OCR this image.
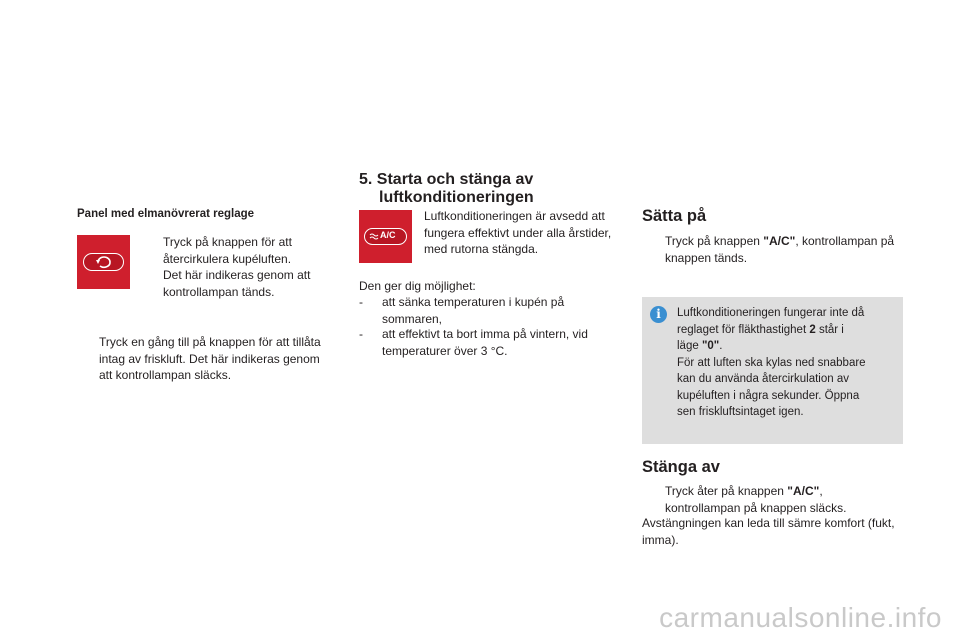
Panel med elmanövrerat reglage
Tryck på knappen för att
återcirkulera kupéluften.
Det här indikeras genom att
kontrollampan tänds.
Tryck en gång till på knappen för att tillåta
intag av friskluft. Det här indikeras genom
att kontrollampan släcks.
5. Starta och stänga av
luftkonditioneringen
A/C
Luftkonditioneringen är avsedd att
fungera effektivt under alla årstider,
med rutorna stängda.
Den ger dig möjlighet:
- att sänka temperaturen i kupén på
sommaren,
- att effektivt ta bort imma på vintern, vid
temperaturer över 3 °C.
Sätta på
Tryck på knappen "A/C", kontrollampan på
knappen tänds.
i	Luftkonditioneringen fungerar inte då
reglaget för fläkthastighet 2 står i
läge "0".
För att luften ska kylas ned snabbare
kan du använda återcirkulation av
kupéluften i några sekunder. Öppna
sen friskluftsintaget igen.
Stänga av
Tryck åter på knappen "A/C",
kontrollampan på knappen släcks.
Avstängningen kan leda till sämre komfort (fukt,
imma).
carmanualsonline.info
